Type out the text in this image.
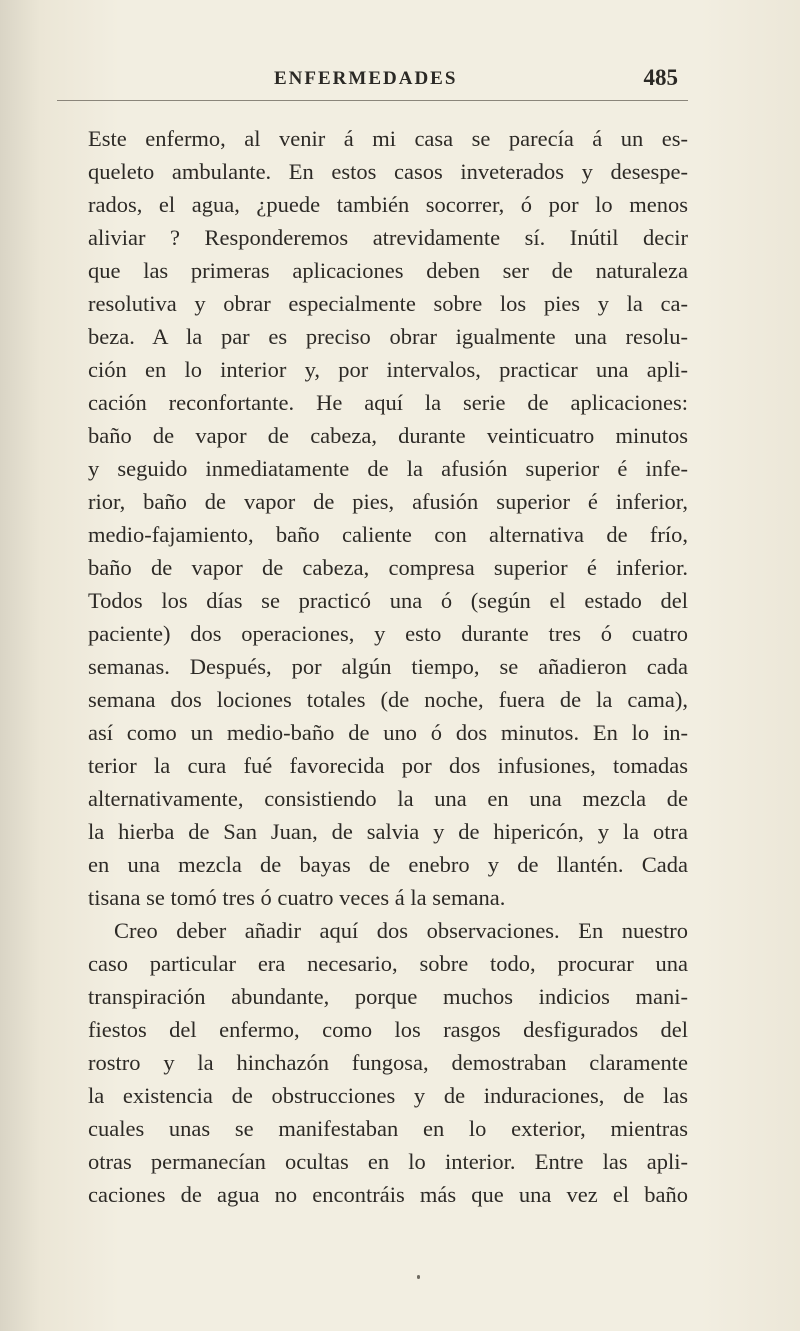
ENFERMEDADES	485

Este enfermo, al venir á mi casa se parecía á un es-
queleto ambulante. En estos casos inveterados y desespe-
rados, el agua, ¿puede también socorrer, ó por lo menos
aliviar ? Responderemos atrevidamente sí. Inútil decir
que las primeras aplicaciones deben ser de naturaleza
resolutiva y obrar especialmente sobre los pies y la ca-
beza. A la par es preciso obrar igualmente una resolu-
ción en lo interior y, por intervalos, practicar una apli-
cación reconfortante. He aquí la serie de aplicaciones:
baño de vapor de cabeza, durante veinticuatro minutos
y seguido inmediatamente de la afusión superior é infe-
rior, baño de vapor de pies, afusión superior é inferior,
medio-fajamiento, baño caliente con alternativa de frío,
baño de vapor de cabeza, compresa superior é inferior.
Todos los días se practicó una ó (según el estado del
paciente) dos operaciones, y esto durante tres ó cuatro
semanas. Después, por algún tiempo, se añadieron cada
semana dos lociones totales (de noche, fuera de la cama),
así como un medio-baño de uno ó dos minutos. En lo in-
terior la cura fué favorecida por dos infusiones, tomadas
alternativamente, consistiendo la una en una mezcla de
la hierba de San Juan, de salvia y de hipericón, y la otra
en una mezcla de bayas de enebro y de llantén. Cada
tisana se tomó tres ó cuatro veces á la semana.

Creo deber añadir aquí dos observaciones. En nuestro
caso particular era necesario, sobre todo, procurar una
transpiración abundante, porque muchos indicios mani-
fiestos del enfermo, como los rasgos desfigurados del
rostro y la hinchazón fungosa, demostraban claramente
la existencia de obstrucciones y de induraciones, de las
cuales unas se manifestaban en lo exterior, mientras
otras permanecían ocultas en lo interior. Entre las apli-
caciones de agua no encontráis más que una vez el baño
